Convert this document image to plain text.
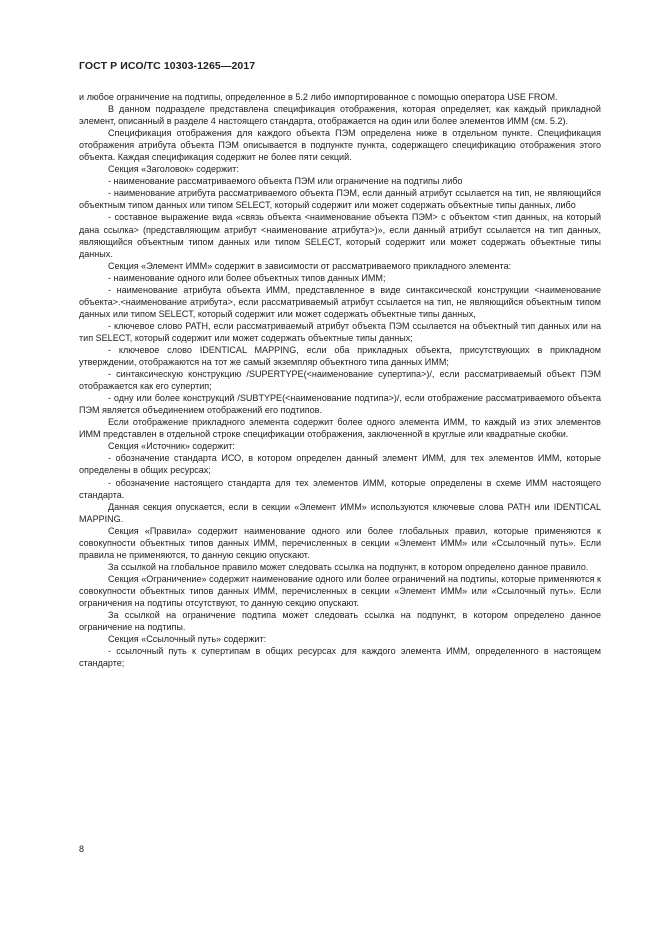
ГОСТ Р ИСО/ТС 10303-1265—2017

и любое ограничение на подтипы, определенное в 5.2 либо импортированное с помощью оператора USE FROM.

В данном подразделе представлена спецификация отображения, которая определяет, как каждый прикладной элемент, описанный в разделе 4 настоящего стандарта, отображается на один или более элементов ИММ (см. 5.2).

Спецификация отображения для каждого объекта ПЭМ определена ниже в отдельном пункте. Спецификация отображения атрибута объекта ПЭМ описывается в подпункте пункта, содержащего спецификацию отображения этого объекта. Каждая спецификация содержит не более пяти секций.

Секция «Заголовок» содержит:

- наименование рассматриваемого объекта ПЭМ или ограничение на подтипы либо

- наименование атрибута рассматриваемого объекта ПЭМ, если данный атрибут ссылается на тип, не являющийся объектным типом данных или типом SELECT, который содержит или может содержать объектные типы данных, либо

- составное выражение вида «связь объекта <наименование объекта ПЭМ> с объектом <тип данных, на который дана ссылка> (представляющим атрибут <наименование атрибута>)», если данный атрибут ссылается на тип данных, являющийся объектным типом данных или типом SELECT, который содержит или может содержать объектные типы данных.

Секция «Элемент ИММ» содержит в зависимости от рассматриваемого прикладного элемента:

- наименование одного или более объектных типов данных ИММ;

- наименование атрибута объекта ИММ, представленное в виде синтаксической конструкции <наименование объекта>.<наименование атрибута>, если рассматриваемый атрибут ссылается на тип, не являющийся объектным типом данных или типом SELECT, который содержит или может содержать объектные типы данных,

- ключевое слово PATH, если рассматриваемый атрибут объекта ПЭМ ссылается на объектный тип данных или на тип SELECT, который содержит или может содержать объектные типы данных;

- ключевое слово IDENTICAL MAPPING, если оба прикладных объекта, присутствующих в прикладном утверждении, отображаются на тот же самый экземпляр объектного типа данных ИММ;

- синтаксическую конструкцию /SUPERTYPE(<наименование супертипа>)/, если рассматриваемый объект ПЭМ отображается как его супертип;

- одну или более конструкций /SUBTYPE(<наименование подтипа>)/, если отображение рассматриваемого объекта ПЭМ является объединением отображений его подтипов.

Если отображение прикладного элемента содержит более одного элемента ИММ, то каждый из этих элементов ИММ представлен в отдельной строке спецификации отображения, заключенной в круглые или квадратные скобки.

Секция «Источник» содержит:

- обозначение стандарта ИСО, в котором определен данный элемент ИММ, для тех элементов ИММ, которые определены в общих ресурсах;

- обозначение настоящего стандарта для тех элементов ИММ, которые определены в схеме ИММ настоящего стандарта.

Данная секция опускается, если в секции «Элемент ИММ» используются ключевые слова PATH или IDENTICAL MAPPING.

Секция «Правила» содержит наименование одного или более глобальных правил, которые применяются к совокупности объектных типов данных ИММ, перечисленных в секции «Элемент ИММ» или «Ссылочный путь». Если правила не применяются, то данную секцию опускают.

За ссылкой на глобальное правило может следовать ссылка на подпункт, в котором определено данное правило.

Секция «Ограничение» содержит наименование одного или более ограничений на подтипы, которые применяются к совокупности объектных типов данных ИММ, перечисленных в секции «Элемент ИММ» или «Ссылочный путь». Если ограничения на подтипы отсутствуют, то данную секцию опускают.

За ссылкой на ограничение подтипа может следовать ссылка на подпункт, в котором определено данное ограничение на подтипы.

Секция «Ссылочный путь» содержит:

- ссылочный путь к супертипам в общих ресурсах для каждого элемента ИММ, определенного в настоящем стандарте;

8
